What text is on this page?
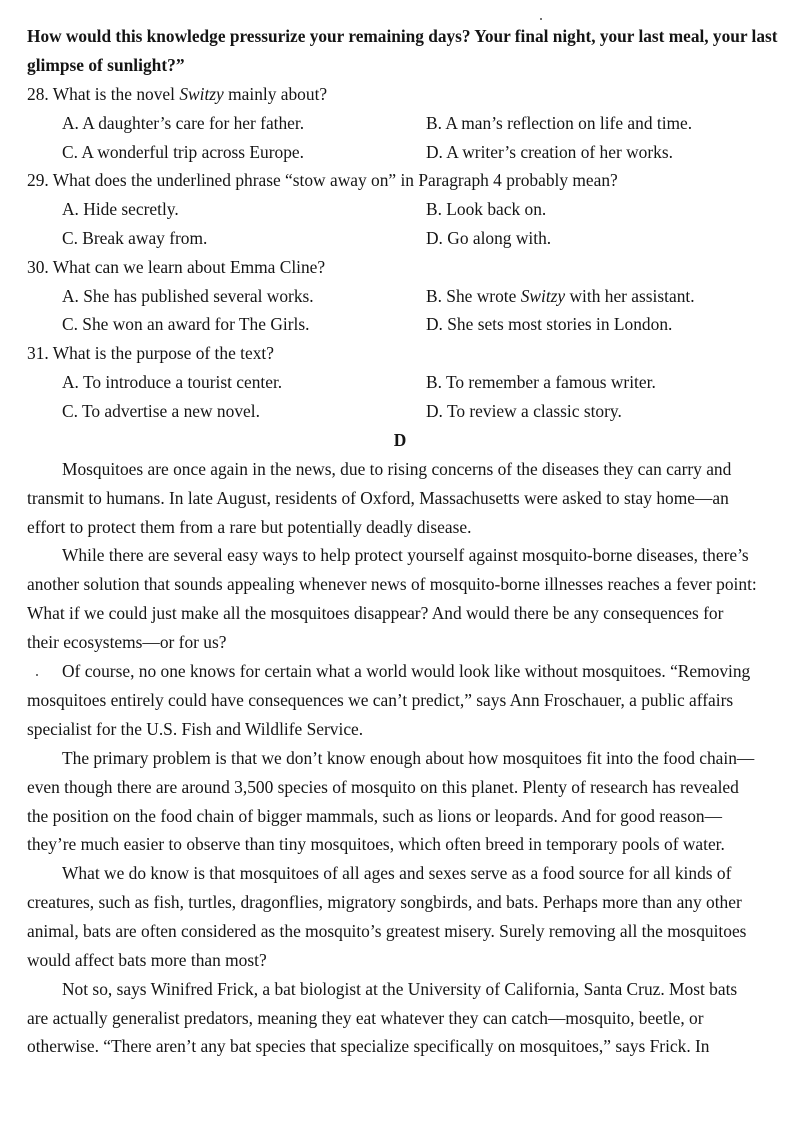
How would this knowledge pressurize your remaining days? Your final night, your last meal, your last
glimpse of sunlight?”
28. What is the novel Switzy mainly about?
A. A daughter’s care for her father.	B. A man’s reflection on life and time.
C. A wonderful trip across Europe.	D. A writer’s creation of her works.
29. What does the underlined phrase “stow away on” in Paragraph 4 probably mean?
A. Hide secretly.	B. Look back on.
C. Break away from.	D. Go along with.
30. What can we learn about Emma Cline?
A. She has published several works.	B. She wrote Switzy with her assistant.
C. She won an award for The Girls.	D. She sets most stories in London.
31. What is the purpose of the text?
A. To introduce a tourist center.	B. To remember a famous writer.
C. To advertise a new novel.	D. To review a classic story.
D
Mosquitoes are once again in the news, due to rising concerns of the diseases they can carry and
transmit to humans. In late August, residents of Oxford, Massachusetts were asked to stay home—an
effort to protect them from a rare but potentially deadly disease.
While there are several easy ways to help protect yourself against mosquito-borne diseases, there’s
another solution that sounds appealing whenever news of mosquito-borne illnesses reaches a fever point:
What if we could just make all the mosquitoes disappear? And would there be any consequences for
their ecosystems—or for us?
Of course, no one knows for certain what a world would look like without mosquitoes. “Removing
mosquitoes entirely could have consequences we can’t predict,” says Ann Froschauer, a public affairs
specialist for the U.S. Fish and Wildlife Service.
The primary problem is that we don’t know enough about how mosquitoes fit into the food chain—
even though there are around 3,500 species of mosquito on this planet. Plenty of research has revealed
the position on the food chain of bigger mammals, such as lions or leopards. And for good reason—
they’re much easier to observe than tiny mosquitoes, which often breed in temporary pools of water.
What we do know is that mosquitoes of all ages and sexes serve as a food source for all kinds of
creatures, such as fish, turtles, dragonflies, migratory songbirds, and bats. Perhaps more than any other
animal, bats are often considered as the mosquito’s greatest misery. Surely removing all the mosquitoes
would affect bats more than most?
Not so, says Winifred Frick, a bat biologist at the University of California, Santa Cruz. Most bats
are actually generalist predators, meaning they eat whatever they can catch—mosquito, beetle, or
otherwise. “There aren’t any bat species that specialize specifically on mosquitoes,” says Frick. In
